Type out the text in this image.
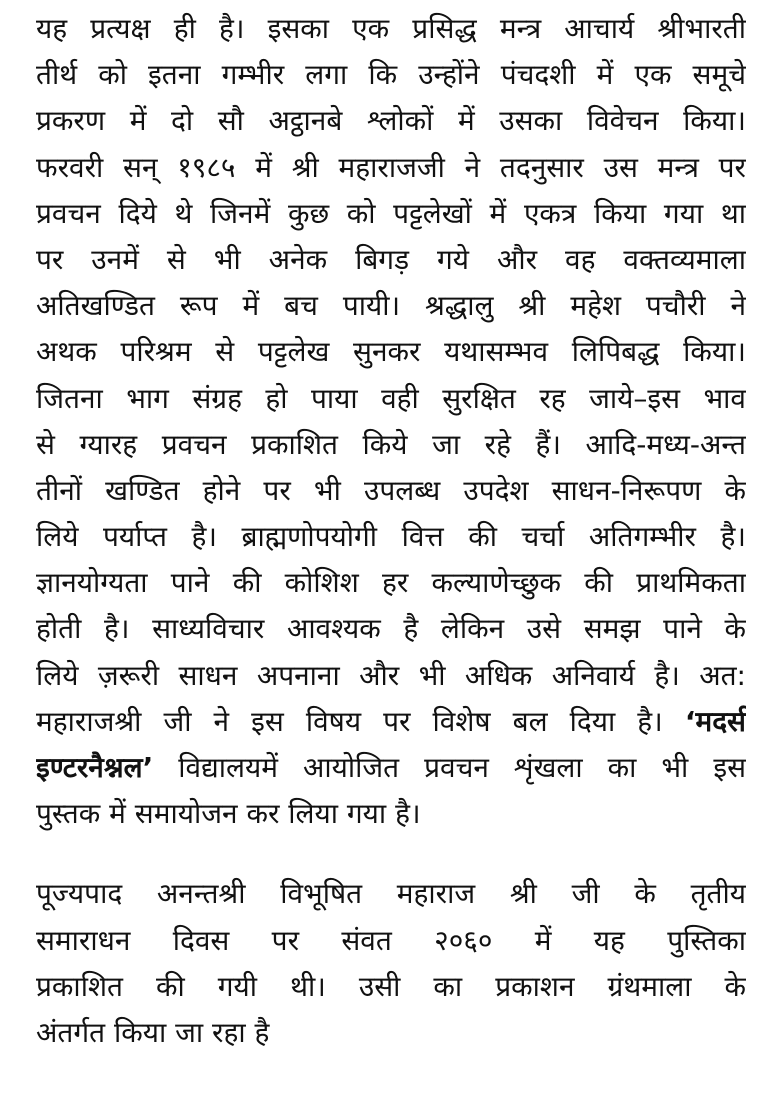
यह प्रत्यक्ष ही है। इसका एक प्रसिद्ध मन्त्र आचार्य श्रीभारती
तीर्थ को इतना गम्भीर लगा कि उन्होंने पंचदशी में एक समूचे
प्रकरण में दो सौ अट्ठानबे श्लोकों में उसका विवेचन किया।
फरवरी सन् १९८५ में श्री महाराजजी ने तदनुसार उस मन्त्र पर
प्रवचन दिये थे जिनमें कुछ को पट्टलेखों में एकत्र किया गया था
पर उनमें से भी अनेक बिगड़ गये और वह वक्तव्यमाला
अतिखण्डित रूप में बच पायी। श्रद्धालु श्री महेश पचौरी ने
अथक परिश्रम से पट्टलेख सुनकर यथासम्भव लिपिबद्ध किया।
जितना भाग संग्रह हो पाया वही सुरक्षित रह जाये–इस भाव
से ग्यारह प्रवचन प्रकाशित किये जा रहे हैं। आदि-मध्य-अन्त
तीनों खण्डित होने पर भी उपलब्ध उपदेश साधन-निरूपण के
लिये पर्याप्त है। ब्राह्मणोपयोगी वित्त की चर्चा अतिगम्भीर है।
ज्ञानयोग्यता पाने की कोशिश हर कल्याणेच्छुक की प्राथमिकता
होती है। साध्यविचार आवश्यक है लेकिन उसे समझ पाने के
लिये ज़रूरी साधन अपनाना और भी अधिक अनिवार्य है। अत:
महाराजश्री जी ने इस विषय पर विशेष बल दिया है। ‘मदर्स
इण्टरनैश्नल’ विद्यालयमें आयोजित प्रवचन शृंखला का भी इस
पुस्तक में समायोजन कर लिया गया है।
पूज्यपाद अनन्तश्री विभूषित महाराज श्री जी के तृतीय
समाराधन दिवस पर संवत २०६० में यह पुस्तिका
प्रकाशित की गयी थी। उसी का प्रकाशन ग्रंथमाला के
अंतर्गत किया जा रहा है
